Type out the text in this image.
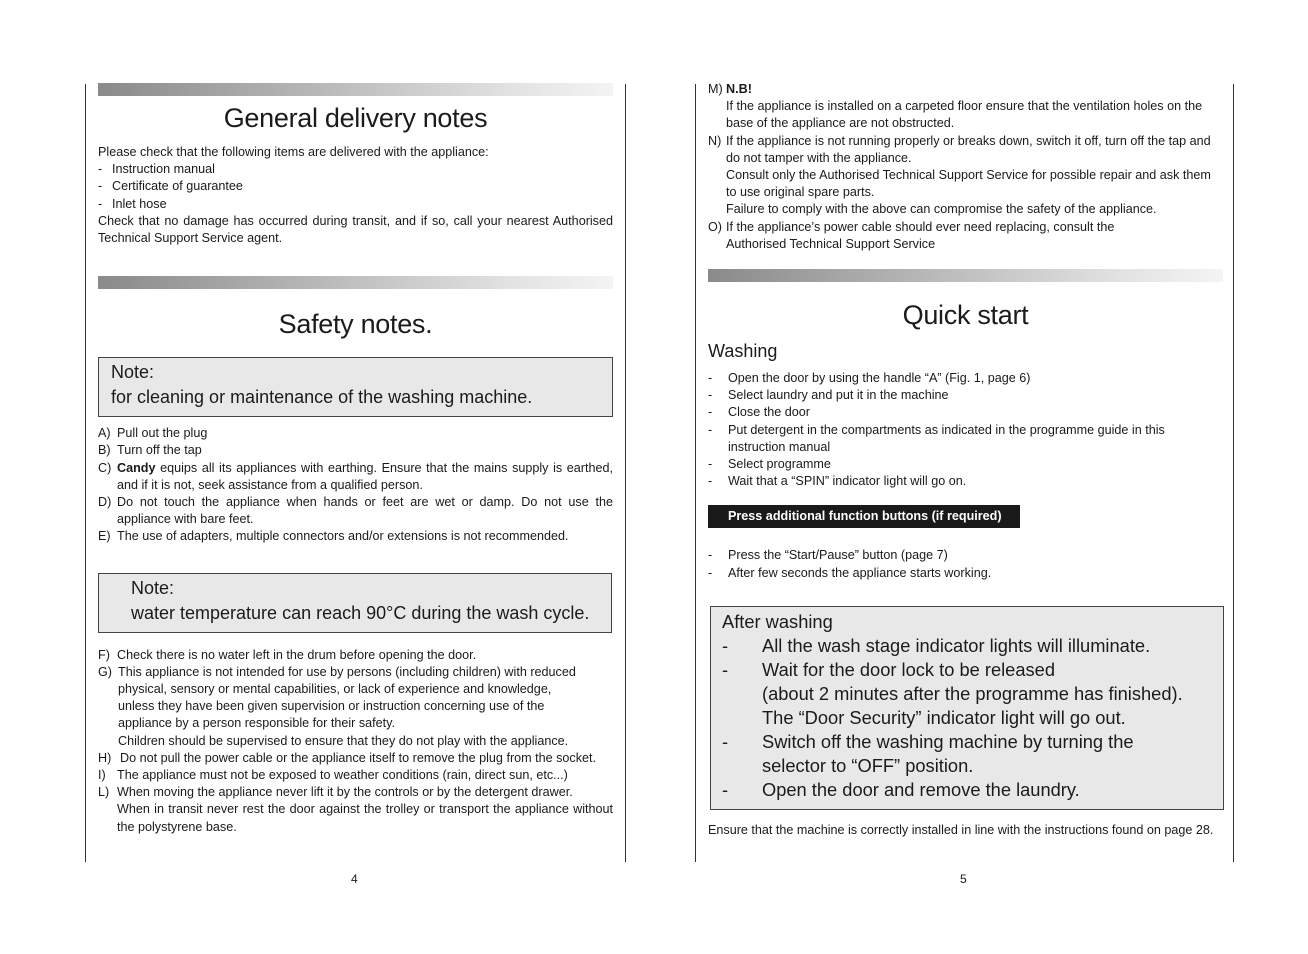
General delivery notes

Please check that the following items are delivered with the appliance:

- Instruction manual
- Certificate of guarantee
- Inlet hose

Check that no damage has occurred during transit, and if so, call your nearest Authorised Technical Support Service agent.

Safety notes.
Note:
for cleaning or maintenance of the washing machine.
A) Pull out the plug
B) Turn off the tap
C) Candy equips all its appliances with earthing. Ensure that the mains supply is earthed, and if it is not, seek assistance from a qualified person.
D) Do not touch the appliance when hands or feet are wet or damp. Do not use the appliance with bare feet.
E) The use of adapters, multiple connectors and/or extensions is not recommended.
Note:
water temperature can reach 90°C during the wash cycle.
F) Check there is no water left in the drum before opening the door.
G) This appliance is not intended for use by persons (including children) with reduced physical, sensory or mental capabilities, or lack of experience and knowledge, unless they have been given supervision or instruction concerning use of the appliance by a person responsible for their safety.
Children should be supervised to ensure that they do not play with the appliance.
H) Do not pull the power cable or the appliance itself to remove the plug from the socket.
I) The appliance must not be exposed to weather conditions (rain, direct sun, etc...)
L) When moving the appliance never lift it by the controls or by the detergent drawer.
When in transit never rest the door against the trolley or transport the appliance without the polystyrene base.
4
M) N.B!
If the appliance is installed on a carpeted floor ensure that the ventilation holes on the base of the appliance are not obstructed.
N) If the appliance is not running properly or breaks down, switch it off, turn off the tap and do not tamper with the appliance.
Consult only the Authorised Technical Support Service for possible repair and ask them to use original spare parts.
Failure to comply with the above can compromise the safety of the appliance.
O) If the appliance’s power cable should ever need replacing, consult the Authorised Technical Support Service
Quick start
Washing
-	Open the door by using the handle “A” (Fig. 1, page 6)
-	Select laundry and put it in the machine
-	Close the door
-	Put detergent in the compartments as indicated in the programme guide in this instruction manual
-	Select programme
-	Wait that a “SPIN” indicator light will go on.
Press additional function buttons (if required)
-	Press the “Start/Pause” button (page 7)
-	After few seconds the appliance starts working.
After washing
-	All the wash stage indicator lights will illuminate.
-	Wait for the door lock to be released
(about 2 minutes after the programme has finished).
The “Door Security” indicator light will go out.
-	Switch off the washing machine by turning the
selector to “OFF” position.
-	Open the door and remove the laundry.
Ensure that the machine is correctly installed in line with the instructions found on page 28.
5
